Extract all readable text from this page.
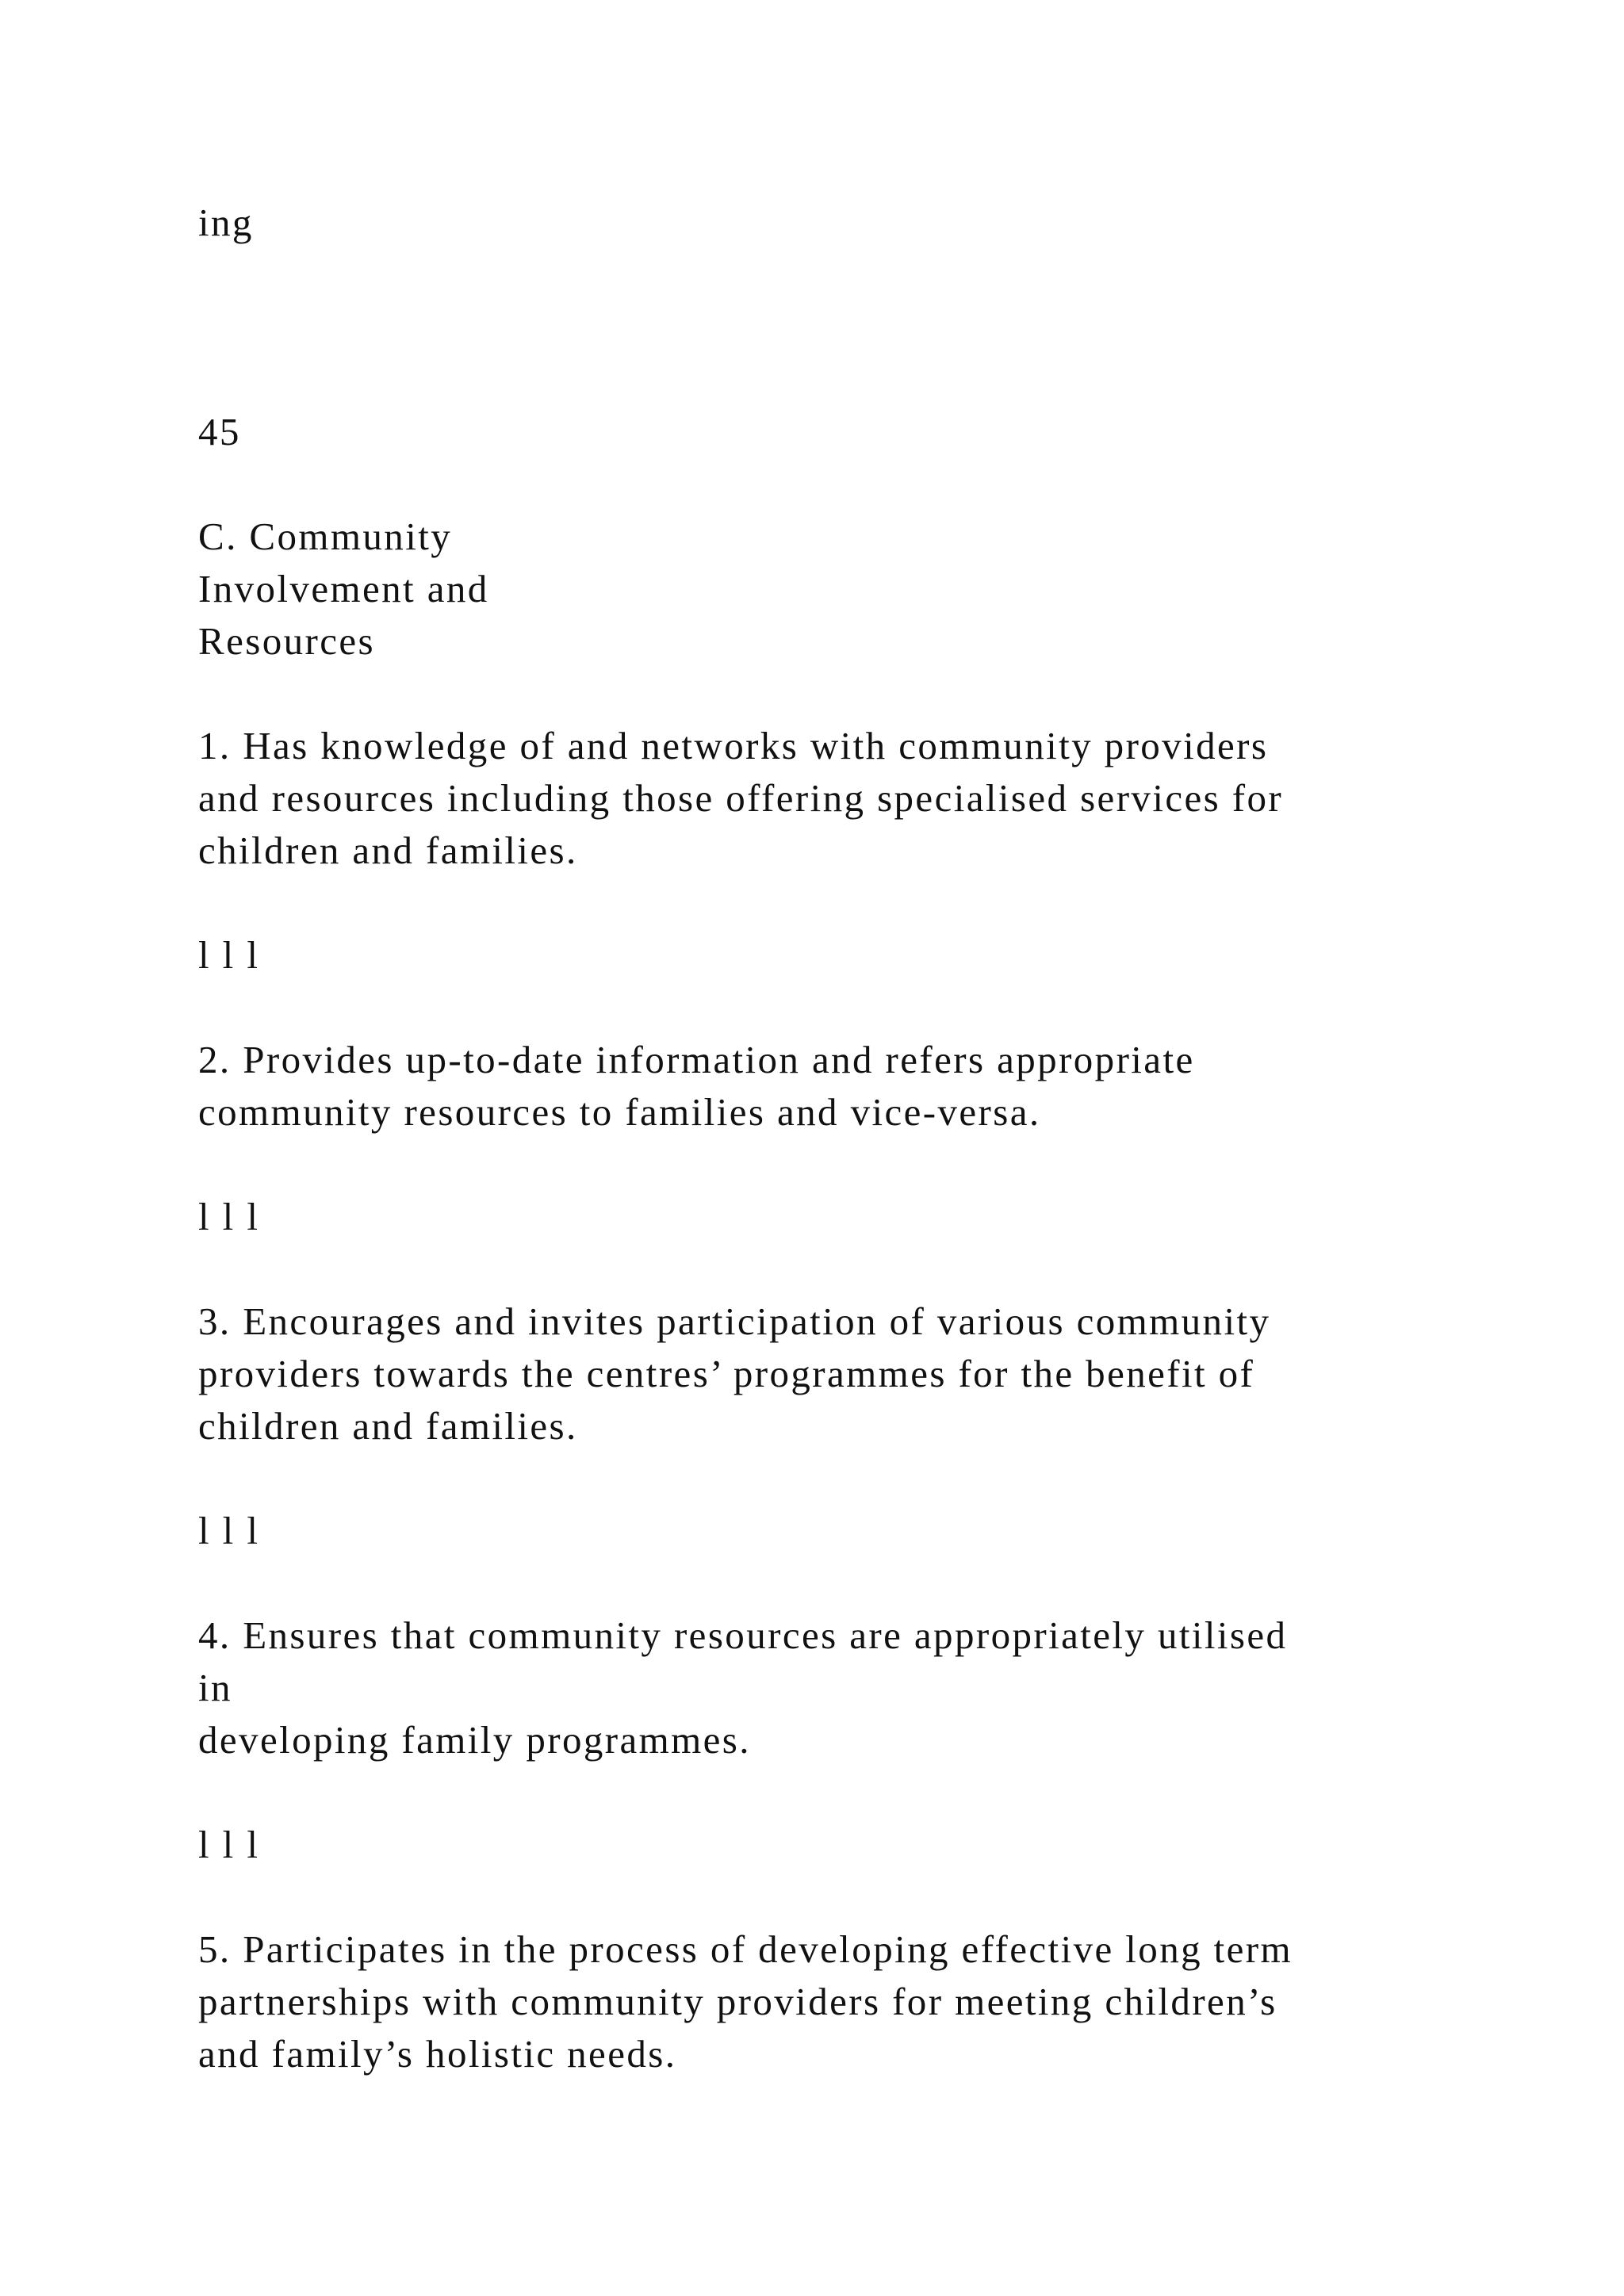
ing
45
C. Community
Involvement and
Resources
1. Has knowledge of and networks with community providers
and resources including those offering specialised services for
children and families.
l l l
2. Provides up-to-date information and refers appropriate
community resources to families and vice-versa.
l l l
3. Encourages and invites participation of various community
providers towards the centres’ programmes for the benefit of
children and families.
l l l
4. Ensures that community resources are appropriately utilised
in
developing family programmes.
l l l
5. Participates in the process of developing effective long term
partnerships with community providers for meeting children’s
and family’s holistic needs.
